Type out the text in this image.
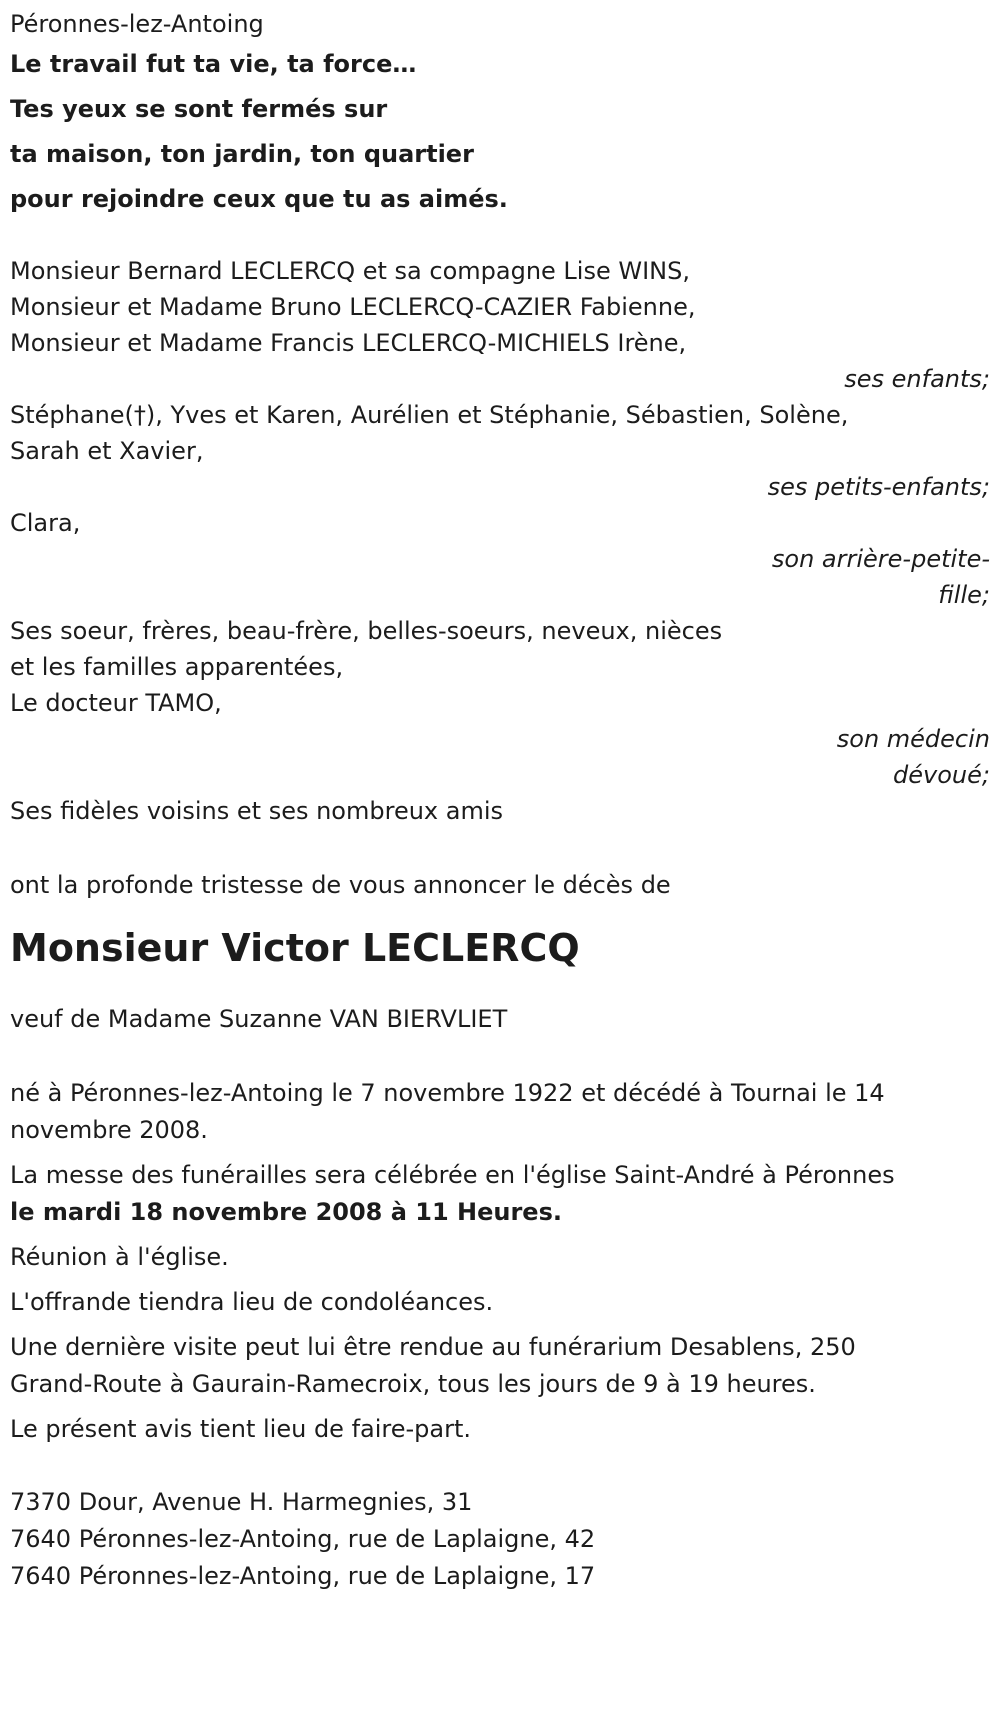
Péronnes-lez-Antoing
Le travail fut ta vie, ta force…
Tes yeux se sont fermés sur
ta maison, ton jardin, ton quartier
pour rejoindre ceux que tu as aimés.
Monsieur Bernard LECLERCQ et sa compagne Lise WINS,
Monsieur et Madame Bruno LECLERCQ-CAZIER Fabienne,
Monsieur et Madame Francis LECLERCQ-MICHIELS Irène,
ses enfants;
Stéphane(†), Yves et Karen, Aurélien et Stéphanie, Sébastien, Solène,
Sarah et Xavier,
ses petits-enfants;
Clara,
son arrière-petite-
fille;
Ses soeur, frères, beau-frère, belles-soeurs, neveux, nièces
et les familles apparentées,
Le docteur TAMO,
son médecin
dévoué;
Ses fidèles voisins et ses nombreux amis
ont la profonde tristesse de vous annoncer le décès de
Monsieur Victor LECLERCQ
veuf de Madame Suzanne VAN BIERVLIET
né à Péronnes-lez-Antoing le 7 novembre 1922 et décédé à Tournai le 14
novembre 2008.
La messe des funérailles sera célébrée en l'église Saint-André à Péronnes
le mardi 18 novembre 2008 à 11 Heures.
Réunion à l'église.
L'offrande tiendra lieu de condoléances.
Une dernière visite peut lui être rendue au funérarium Desablens, 250
Grand-Route à Gaurain-Ramecroix, tous les jours de 9 à 19 heures.
Le présent avis tient lieu de faire-part.
7370 Dour, Avenue H. Harmegnies, 31
7640 Péronnes-lez-Antoing, rue de Laplaigne, 42
7640 Péronnes-lez-Antoing, rue de Laplaigne, 17
